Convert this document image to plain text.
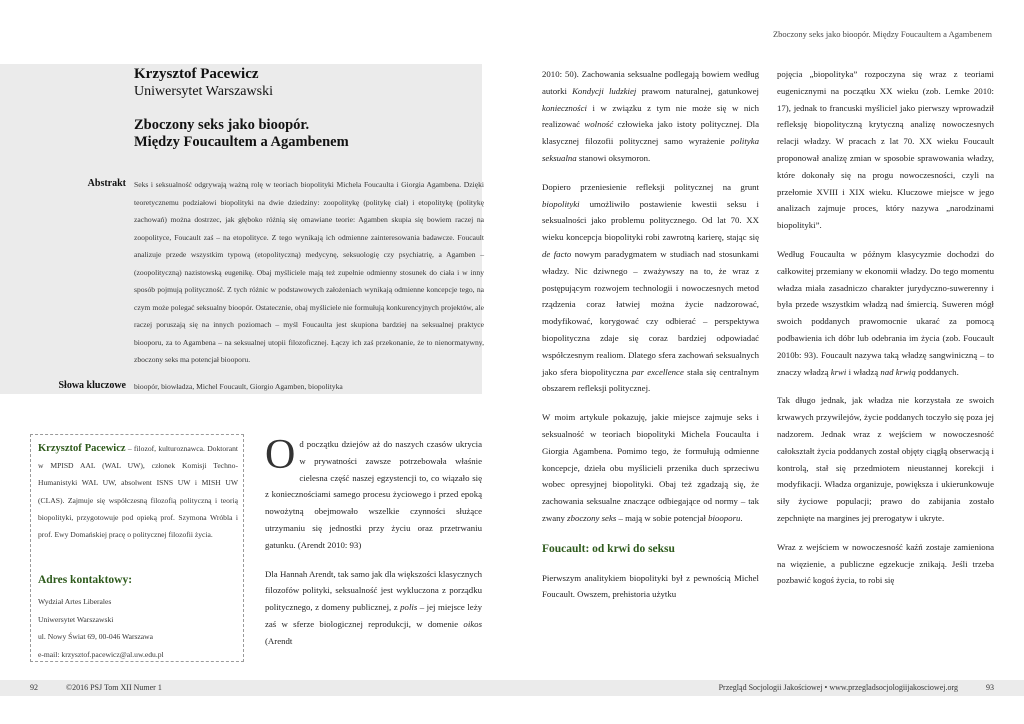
Krzysztof Pacewicz
Uniwersytet Warszawski
Zboczony seks jako bioopór.
Między Foucaultem a Agambenem
Abstrakt Seks i seksualność odgrywają ważną rolę w teoriach biopolityki Michela Foucaulta i Giorgia Agambena. Dzięki teoretycznemu podziałowi biopolityki na dwie dziedziny: zoopolitykę (politykę ciał) i etopolitykę (politykę zachowań) można dostrzec, jak głęboko różnią się omawiane teorie: Agamben skupia się bowiem raczej na zoopolityce, Foucault zaś – na etopolityce. Z tego wynikają ich odmienne zainteresowania badawcze. Foucault analizuje przede wszystkim typową (etopolityczną) medycynę, seksuologię czy psychiatrię, a Agamben – (zoopolityczną) nazistowską eugenikę. Obaj myśliciele mają też zupełnie odmienny stosunek do ciała i w inny sposób pojmują polityczność. Z tych różnic w podstawowych założeniach wynikają odmienne koncepcje tego, na czym może polegać seksualny bioopór. Ostatecznie, obaj myśliciele nie formułują konkurencyjnych projektów, ale raczej poruszają się na innych poziomach – myśl Foucaulta jest skupiona bardziej na seksualnej praktyce biooporu, za to Agambena – na seksualnej utopii filozoficznej. Łączy ich zaś przekonanie, że to nienormatywny, zboczony seks ma potencjał biooporu.
Słowa kluczowe bioopór, biowładza, Michel Foucault, Giorgio Agamben, biopolityka
Krzysztof Pacewicz – filozof, kulturoznawca. Doktorant w MPISD AAL (WAL UW), członek Komisji Techno-Humanistyki WAL UW, absolwent ISNS UW i MISH UW (CLAS). Zajmuje się współczesną filozofią polityczną i teorią biopolityki, przygotowuje pod opieką prof. Szymona Wróbla i prof. Ewy Domańskiej pracę o politycznej filozofii życia.
Adres kontaktowy:
Wydział Artes Liberales
Uniwersytet Warszawski
ul. Nowy Świat 69, 00-046 Warszawa
e-mail: krzysztof.pacewicz@al.uw.edu.pl

Od początku dziejów aż do naszych czasów ukrycia w prywatności zawsze potrzebowała właśnie cielesna część naszej egzystencji to, co wiązało się z koniecznościami samego procesu życiowego i przed epoką nowożytną obejmowało wszelkie czynności służące utrzymaniu się jednostki przy życiu oraz przetrwaniu gatunku. (Arendt 2010: 93)

Dla Hannah Arendt, tak samo jak dla większości klasycznych filozofów polityki, seksualność jest wykluczona z porządku politycznego, z domeny publicznej, z polis – jej miejsce leży zaś w sferze biologicznej reprodukcji, w domenie oikos (Arendt

Zboczony seks jako bioopór. Między Foucaultem a Agambenem

2010: 50). Zachowania seksualne podlegają bowiem według autorki Kondycji ludzkiej prawom naturalnej, gatunkowej konieczności i w związku z tym nie może się w nich realizować wolność człowieka jako istoty politycznej. Dla klasycznej filozofii politycznej samo wyrażenie polityka seksualna stanowi oksymoron.

Dopiero przeniesienie refleksji politycznej na grunt biopolityki umożliwiło postawienie kwestii seksu i seksualności jako problemu politycznego. Od lat 70. XX wieku koncepcja biopolityki robi zawrotną karierę, stając się de facto nowym paradygmatem w studiach nad stosunkami władzy. Nic dziwnego – zważywszy na to, że wraz z postępującym rozwojem technologii i nowoczesnych metod rządzenia coraz łatwiej można życie nadzorować, modyfikować, korygować czy odbierać – perspektywa biopolityczna zdaje się coraz bardziej odpowiadać współczesnym realiom. Dlatego sfera zachowań seksualnych jako sfera biopolityczna par excellence stała się centralnym obszarem refleksji politycznej.

W moim artykule pokazuję, jakie miejsce zajmuje seks i seksualność w teoriach biopolityki Michela Foucaulta i Giorgia Agambena. Pomimo tego, że formułują odmienne koncepcje, dzieła obu myślicieli przenika duch sprzeciwu wobec opresyjnej biopolityki. Obaj też zgadzają się, że zachowania seksualne znaczące odbiegające od normy – tak zwany zboczony seks – mają w sobie potencjał biooporu.

Foucault: od krwi do seksu

Pierwszym analitykiem biopolityki był z pewnością Michel Foucault. Owszem, prehistoria użytku

pojęcia „biopolityka” rozpoczyna się wraz z teoriami eugenicznymi na początku XX wieku (zob. Lemke 2010: 17), jednak to francuski myśliciel jako pierwszy wprowadził refleksję biopolityczną krytyczną analizę nowoczesnych relacji władzy. W pracach z lat 70. XX wieku Foucault proponował analizę zmian w sposobie sprawowania władzy, które dokonały się na progu nowoczesności, czyli na przełomie XVIII i XIX wieku. Kluczowe miejsce w jego analizach zajmuje proces, który nazywa „narodzinami biopolityki”.

Według Foucaulta w późnym klasycyzmie dochodzi do całkowitej przemiany w ekonomii władzy. Do tego momentu władza miała zasadniczo charakter jurydyczno-suwerenny i była przede wszystkim władzą nad śmiercią. Suweren mógł swoich poddanych prawomocnie ukarać za pomocą podbawienia ich dóbr lub odebrania im życia (zob. Foucault 2010b: 93). Foucault nazywa taką władzę sangwiniczną – to znaczy władzą krwi i władzą nad krwią poddanych.

Tak długo jednak, jak władza nie korzystała ze swoich krwawych przywilejów, życie poddanych toczyło się poza jej nadzorem. Jednak wraz z wejściem w nowoczesność całokształt życia poddanych został objęty ciągłą obserwacją i kontrolą, stał się przedmiotem nieustannej korekcji i modyfikacji. Władza organizuje, powiększa i ukierunkowuje siły życiowe populacji; prawo do zabijania zostało zepchnięte na margines jej prerogatyw i ukryte.

Wraz z wejściem w nowoczesność kaźń zostaje zamieniona na więzienie, a publiczne egzekucje znikają. Jeśli trzeba pozbawić kogoś życia, to robi się

92	©2016 PSJ Tom XII Numer 1	Przegląd Socjologii Jakościowej • www.przegladsocjologiijakosciowej.org	93
